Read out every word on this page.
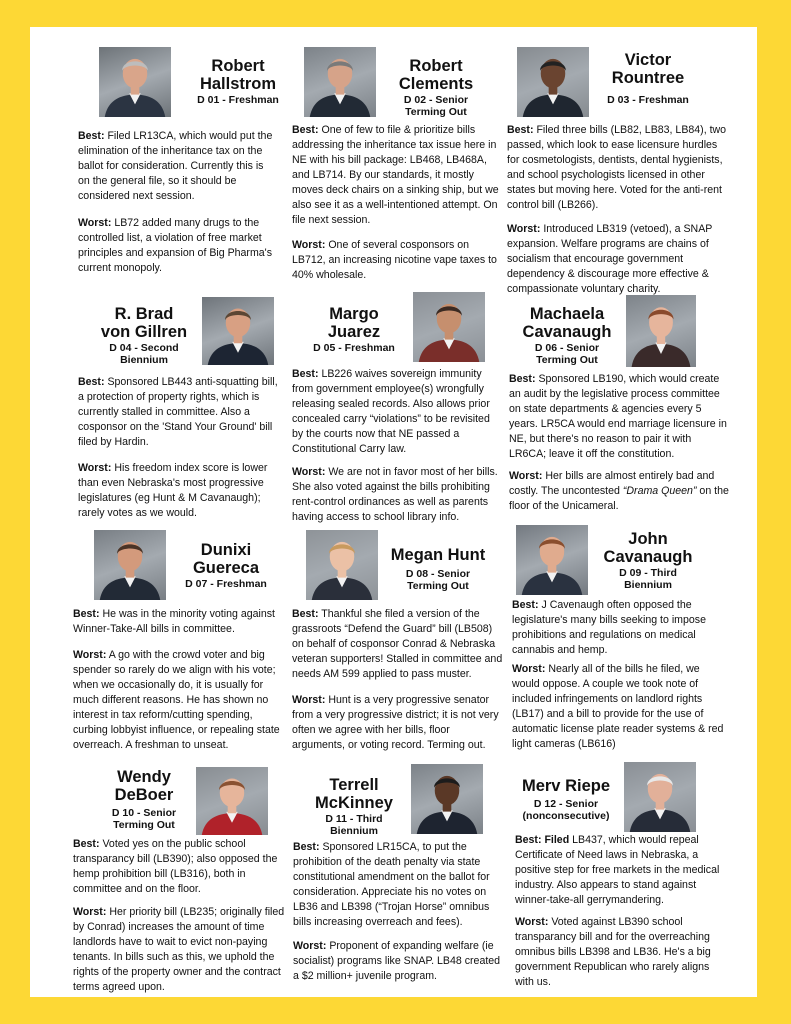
Robert
Hallstrom
D 01 - Freshman

Best: Filed LR13CA, which would put the elimination of the inheritance tax on the ballot for consideration. Currently this is on the general file, so it should be considered next session.

Worst: LB72 added many drugs to the controlled list, a violation of free market principles and expansion of Big Pharma's current monopoly.

Robert
Clements
D 02 - Senior
Terming Out

Best: One of few to file & prioritize bills addressing the inheritance tax issue here in NE with his bill package: LB468, LB468A, and LB714. By our standards, it mostly moves deck chairs on a sinking ship, but we also see it as a well-intentioned attempt. On file next session.

Worst: One of several cosponsors on LB712, an increasing nicotine vape taxes to 40% wholesale.

Victor
Rountree
D 03 - Freshman

Best: Filed three bills (LB82, LB83, LB84), two passed, which look to ease licensure hurdles for cosmetologists, dentists, dental hygienists, and school psychologists licensed in other states but moving here. Voted for the anti-rent control bill (LB266).

Worst: Introduced LB319 (vetoed), a SNAP expansion. Welfare programs are chains of socialism that encourage government dependency & discourage more effective & compassionate voluntary charity.

R. Brad
von Gillren
D 04 - Second
Biennium

Best: Sponsored LB443 anti-squatting bill, a protection of property rights, which is currently stalled in committee. Also a cosponsor on the 'Stand Your Ground' bill filed by Hardin.

Worst: His freedom index score is lower than even Nebraska's most progressive legislatures (eg Hunt & M Cavanaugh); rarely votes as we would.

Margo
Juarez
D 05 - Freshman

Best: LB226 waives sovereign immunity from government employee(s) wrongfully releasing sealed records. Also allows prior concealed carry “violations” to be revisited by the courts now that NE passed a Constitutional Carry law.

Worst: We are not in favor most of her bills. She also voted against the bills prohibiting rent-control ordinances as well as parents having access to school library info.

Machaela
Cavanaugh
D 06 - Senior
Terming Out

Best: Sponsored LB190, which would create an audit by the legislative process committee on state departments & agencies every 5 years. LR5CA would end marriage licensure in NE, but there's no reason to pair it with LR6CA; leave it off the constitution.

Worst: Her bills are almost entirely bad and costly. The uncontested “Drama Queen” on the floor of the Unicameral.

Dunixi
Guereca
D 07 - Freshman

Best: He was in the minority voting against Winner-Take-All bills in committee.

Worst: A go with the crowd voter and big spender so rarely do we align with his vote; when we occasionally do, it is usually for much different reasons. He has shown no interest in tax reform/cutting spending, curbing lobbyist influence, or repealing state overreach. A freshman to unseat.

Megan Hunt
D 08 - Senior
Terming Out

Best: Thankful she filed a version of the grassroots “Defend the Guard” bill (LB508) on behalf of cosponsor Conrad & Nebraska veteran supporters! Stalled in committee and needs AM 599 applied to pass muster.

Worst: Hunt is a very progressive senator from a very progressive district; it is not very often we agree with her bills, floor arguments, or voting record. Terming out.

John
Cavanaugh
D 09 - Third
Biennium

Best: J Cavenaugh often opposed the legislature's many bills seeking to impose prohibitions and regulations on medical cannabis and hemp.

Worst: Nearly all of the bills he filed, we would oppose. A couple we took note of included infringements on landlord rights (LB17) and a bill to provide for the use of automatic license plate reader systems & red light cameras (LB616)

Wendy
DeBoer
D 10 - Senior
Terming Out

Best: Voted yes on the public school transparancy bill (LB390); also opposed the hemp prohibition bill (LB316), both in committee and on the floor.

Worst: Her priority bill (LB235; originally filed by Conrad) increases the amount of time landlords have to wait to evict non-paying tenants. In bills such as this, we uphold the rights of the property owner and the contract terms agreed upon.

Terrell
McKinney
D 11 - Third
Biennium

Best: Sponsored LR15CA, to put the prohibition of the death penalty via state constitutional amendment on the ballot for consideration. Appreciate his no votes on LB36 and LB398 (“Trojan Horse” omnibus bills increasing overreach and fees).

Worst: Proponent of expanding welfare (ie socialist) programs like SNAP. LB48 created a $2 million+ juvenile program.

Merv Riepe
D 12 - Senior
(nonconsecutive)

Best: Filed LB437, which would repeal Certificate of Need laws in Nebraska, a positive step for free markets in the medical industry. Also appears to stand against winner-take-all gerrymandering.

Worst: Voted against LB390 school transparancy bill and for the overreaching omnibus bills LB398 and LB36. He's a big government Republican who rarely aligns with us.
